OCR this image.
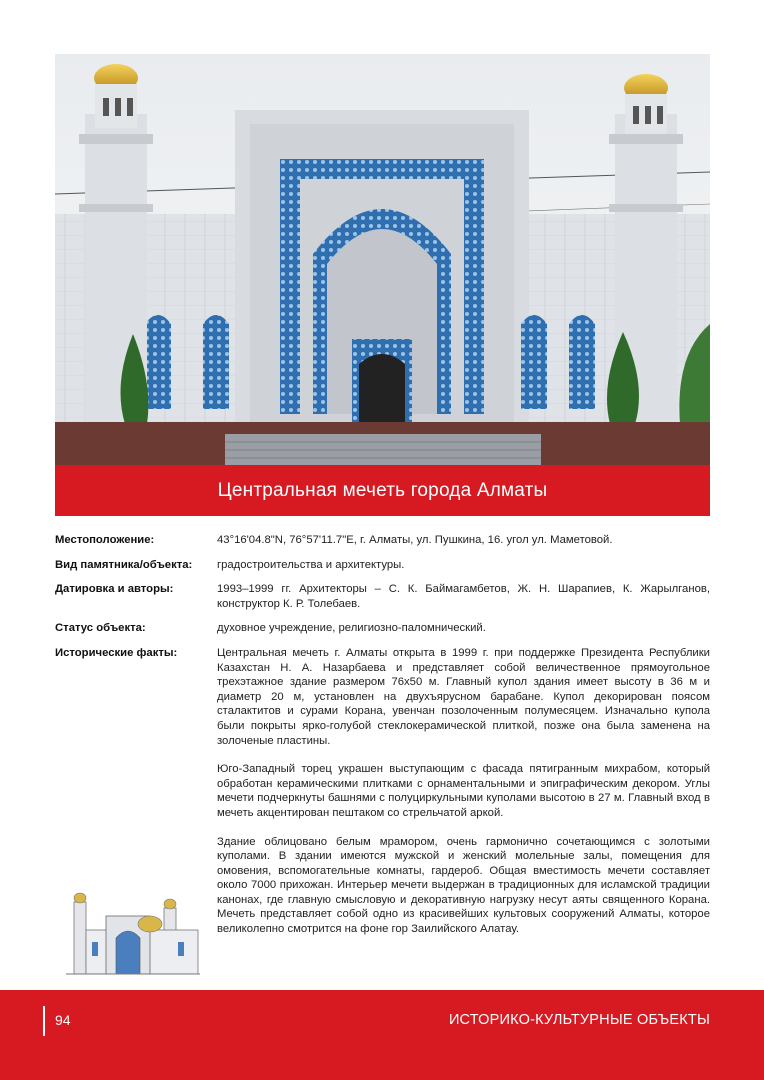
Центральная мечеть города Алматы
Местоположение:	43°16'04.8"N, 76°57'11.7"E, г. Алматы, ул. Пушкина, 16. угол ул. Маметовой.
Вид памятника/объекта:	градостроительства и архитектуры.
Датировка и авторы:	1993–1999 гг. Архитекторы – С. К. Баймагамбетов, Ж. Н. Шарапиев, К. Жарылганов, конструктор К. Р. Толебаев.
Статус объекта:	духовное учреждение, религиозно-паломнический.
Исторические факты:	Центральная мечеть г. Алматы открыта в 1999 г. при поддержке Президента Республики Казахстан Н. А. Назарбаева и представляет собой величественное прямоугольное трехэтажное здание размером 76х50 м. Главный купол здания имеет высоту в 36 м и диаметр 20 м, установлен на двухъярусном барабане. Купол декорирован поясом сталактитов и сурами Корана, увенчан позолоченным полумесяцем. Изначально купола были покрыты ярко-голубой стеклокерамической плиткой, позже она была заменена на золоченые пластины.

Юго-Западный торец украшен выступающим с фасада пятигранным михрабом, который обработан керамическими плитками с орнаментальными и эпиграфическим декором. Углы мечети подчеркнуты башнями с полуциркульными куполами высотою в 27 м. Главный вход в мечеть акцентирован пештаком со стрельчатой аркой.

Здание облицовано белым мрамором, очень гармонично сочетающимся с золотыми куполами. В здании имеются мужской и женский молельные залы, помещения для омовения, вспомогательные комнаты, гардероб. Общая вместимость мечети составляет около 7000 прихожан. Интерьер мечети выдержан в традиционных для исламской традиции канонах, где главную смысловую и декоративную нагрузку несут аяты священного Корана. Мечеть представляет собой одно из красивейших культовых сооружений Алматы, которое великолепно смотрится на фоне гор Заилийского Алатау.

94	ИСТОРИКО-КУЛЬТУРНЫЕ ОБЪЕКТЫ
